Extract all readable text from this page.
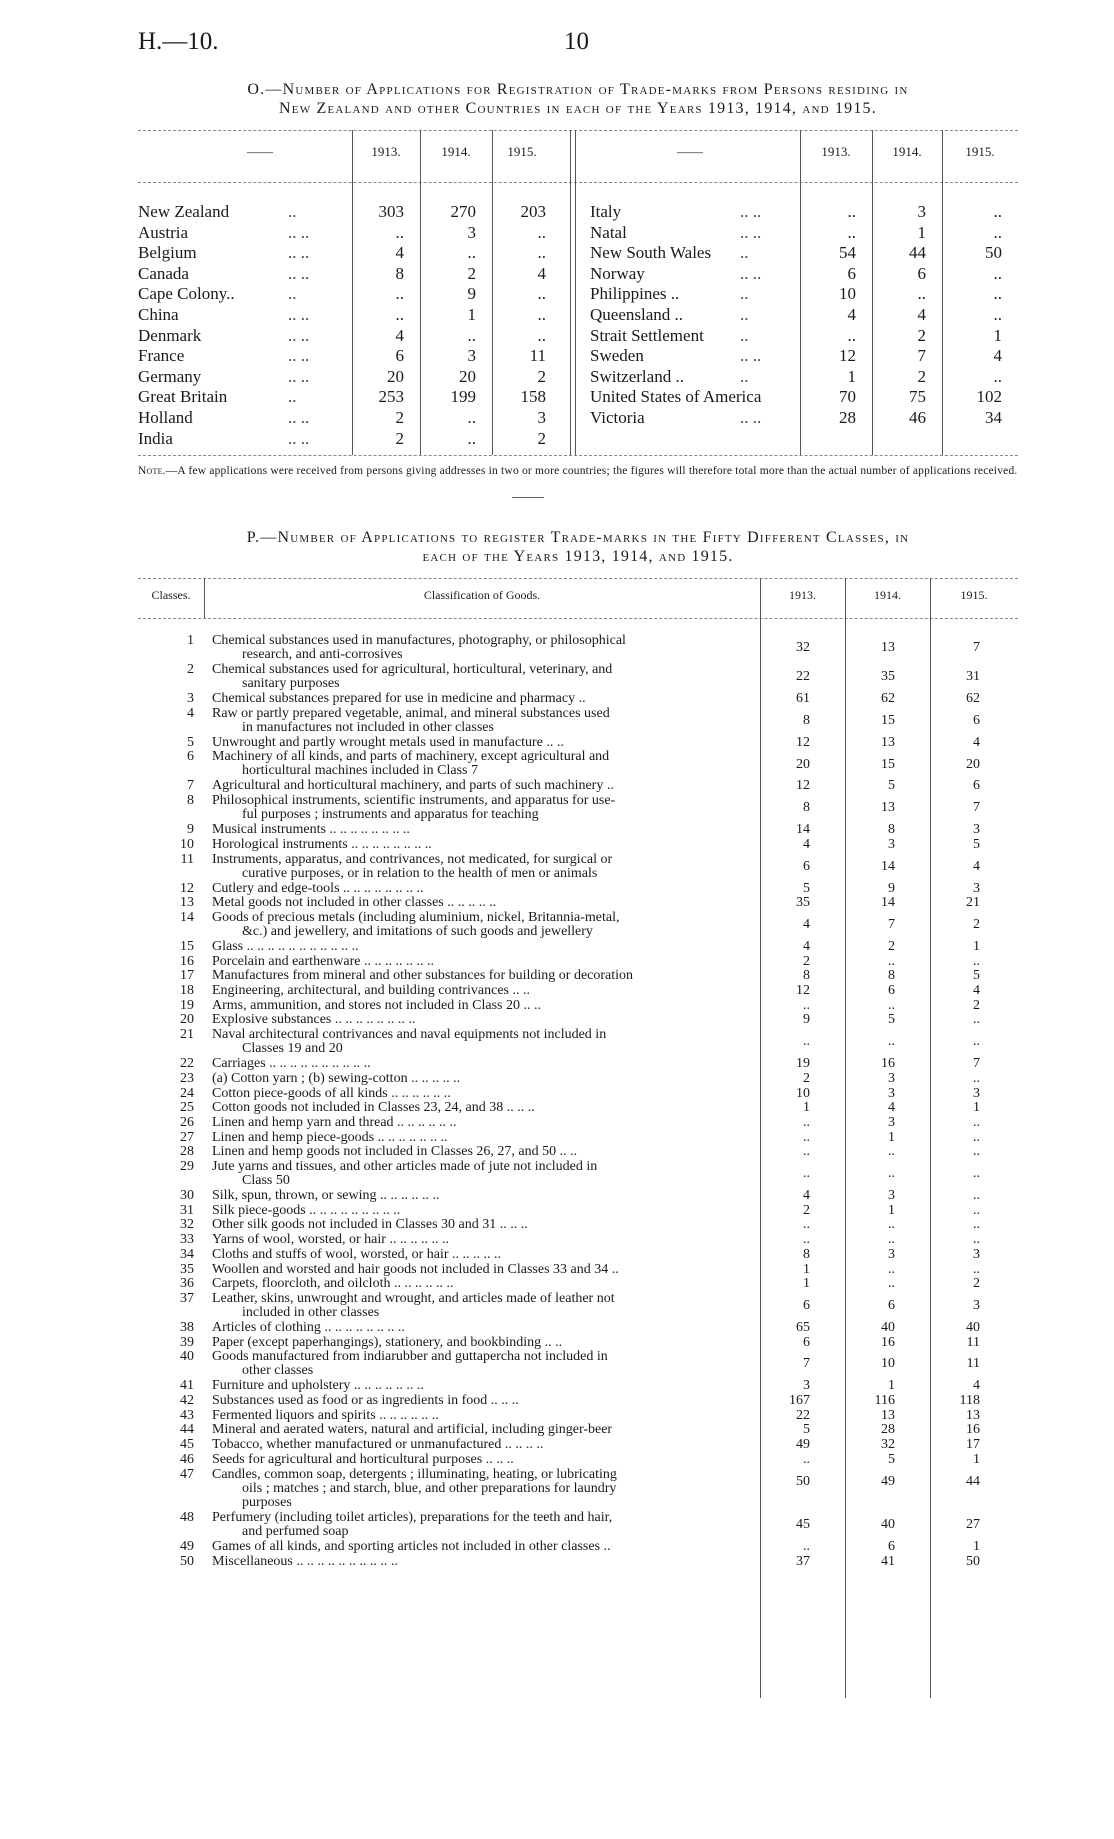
H.—10.	10
O.—Number of Applications for Registration of Trade-marks from Persons residing in
New Zealand and other Countries in each of the Years 1913, 1914, and 1915.
——	1913.	1914.	1915.	——	1913.	1914.	1915.
New Zealand	..	303	270	203
Austria	.. ..	..	3	..
Belgium	.. ..	4	..	..
Canada	.. ..	8	2	4
Cape Colony..	..	..	9	..
China	.. ..	..	1	..
Denmark	.. ..	4	..	..
France	.. ..	6	3	11
Germany	.. ..	20	20	2
Great Britain	..	253	199	158
Holland	.. ..	2	..	3
India	.. ..	2	..	2
Italy	.. ..	..	3	..
Natal	.. ..	..	1	..
New South Wales ..	54	44	50
Norway	.. ..	6	6	..
Philippines ..	..	10	..	..
Queensland ..	..	4	4	..
Strait Settlement ..	..	2	1
Sweden	.. ..	12	7	4
Switzerland ..	..	1	2	..
United States of America	70	75	102
Victoria	.. ..	28	46	34
Note.—A few applications were received from persons giving addresses in two or more countries; the figures will therefore total more than the actual number of applications received.
P.—Number of Applications to register Trade-marks in the Fifty Different Classes, in
each of the Years 1913, 1914, and 1915.
Classes.	Classification of Goods.	1913.	1914.	1915.
1 Chemical substances used in manufactures, photography, or philosophical
research, and anti-corrosives	32	13	7
2 Chemical substances used for agricultural, horticultural, veterinary, and
sanitary purposes	22	35	31
3 Chemical substances prepared for use in medicine and pharmacy ..	61	62	62
4 Raw or partly prepared vegetable, animal, and mineral substances used
in manufactures not included in other classes	8	15	6
5 Unwrought and partly wrought metals used in manufacture .. ..	12	13	4
6 Machinery of all kinds, and parts of machinery, except agricultural and
horticultural machines included in Class 7	20	15	20
7 Agricultural and horticultural machinery, and parts of such machinery ..	12	5	6
8 Philosophical instruments, scientific instruments, and apparatus for use-
ful purposes ; instruments and apparatus for teaching	8	13	7
9 Musical instruments .. .. .. .. .. .. .. ..	14	8	3
10 Horological instruments .. .. .. .. .. .. .. ..	4	3	5
11 Instruments, apparatus, and contrivances, not medicated, for surgical or
curative purposes, or in relation to the health of men or animals	6	14	4
12 Cutlery and edge-tools .. .. .. .. .. .. .. ..	5	9	3
13 Metal goods not included in other classes .. .. .. .. ..	35	14	21
14 Goods of precious metals (including aluminium, nickel, Britannia-metal,
&c.) and jewellery, and imitations of such goods and jewellery	4	7	2
15 Glass .. .. .. .. .. .. .. .. .. .. ..	4	2	1
16 Porcelain and earthenware .. .. .. .. .. .. ..	2	..	..
17 Manufactures from mineral and other substances for building or decoration	8	8	5
18 Engineering, architectural, and building contrivances .. ..	12	6	4
19 Arms, ammunition, and stores not included in Class 20 .. ..	..	..	2
20 Explosive substances .. .. .. .. .. .. .. ..	9	5	..
21 Naval architectural contrivances and naval equipments not included in
Classes 19 and 20	..	..	..
22 Carriages .. .. .. .. .. .. .. .. .. ..	19	16	7
23 (a) Cotton yarn ; (b) sewing-cotton .. .. .. .. ..	2	3	..
24 Cotton piece-goods of all kinds .. .. .. .. .. ..	10	3	3
25 Cotton goods not included in Classes 23, 24, and 38 .. .. ..	1	4	1
26 Linen and hemp yarn and thread .. .. .. .. .. ..	..	3	..
27 Linen and hemp piece-goods .. .. .. .. .. .. ..	..	1	..
28 Linen and hemp goods not included in Classes 26, 27, and 50 .. ..	..	..	..
29 Jute yarns and tissues, and other articles made of jute not included in
Class 50	..	..	..
30 Silk, spun, thrown, or sewing .. .. .. .. .. ..	4	3	..
31 Silk piece-goods .. .. .. .. .. .. .. .. ..	2	1	..
32 Other silk goods not included in Classes 30 and 31 .. .. ..	..	..	..
33 Yarns of wool, worsted, or hair .. .. .. .. .. ..	..	..	..
34 Cloths and stuffs of wool, worsted, or hair .. .. .. .. ..	8	3	3
35 Woollen and worsted and hair goods not included in Classes 33 and 34 ..	1	..	..
36 Carpets, floorcloth, and oilcloth .. .. .. .. .. ..	1	..	2
37 Leather, skins, unwrought and wrought, and articles made of leather not
included in other classes	6	6	3
38 Articles of clothing .. .. .. .. .. .. .. ..	65	40	40
39 Paper (except paperhangings), stationery, and bookbinding .. ..	6	16	11
40 Goods manufactured from indiarubber and guttapercha not included in
other classes	7	10	11
41 Furniture and upholstery .. .. .. .. .. .. ..	3	1	4
42 Substances used as food or as ingredients in food .. .. ..	167	116	118
43 Fermented liquors and spirits .. .. .. .. .. ..	22	13	13
44 Mineral and aerated waters, natural and artificial, including ginger-beer	5	28	16
45 Tobacco, whether manufactured or unmanufactured .. .. .. ..	49	32	17
46 Seeds for agricultural and horticultural purposes .. .. ..	..	5	1
47 Candles, common soap, detergents ; illuminating, heating, or lubricating
oils ; matches ; and starch, blue, and other preparations for laundry
purposes
50	49	44
48 Perfumery (including toilet articles), preparations for the teeth and hair,
and perfumed soap	45	40	27
49 Games of all kinds, and sporting articles not included in other classes ..	..	6	1
50 Miscellaneous .. .. .. .. .. .. .. .. .. ..	37	41	50
